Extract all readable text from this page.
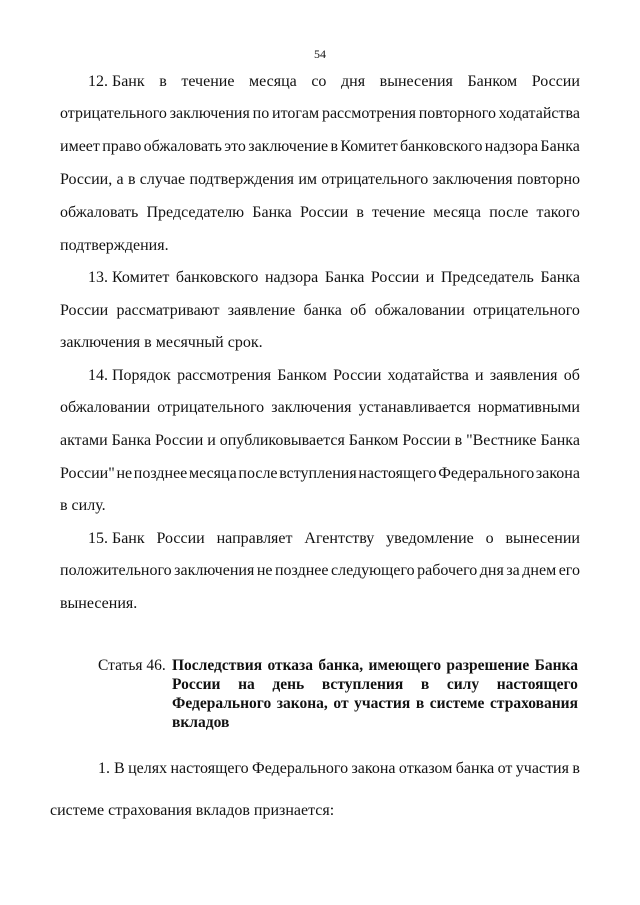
54
12. Банк в течение месяца со дня вынесения Банком России
отрицательного заключения по итогам рассмотрения повторного ходатайства
имеет право обжаловать это заключение в Комитет банковского надзора Банка
России, а в случае подтверждения им отрицательного заключения повторно
обжаловать Председателю Банка России в течение месяца после такого
подтверждения.
13. Комитет банковского надзора Банка России и Председатель Банка
России рассматривают заявление банка об обжаловании отрицательного
заключения в месячный срок.
14. Порядок рассмотрения Банком России ходатайства и заявления об
обжаловании отрицательного заключения устанавливается нормативными
актами Банка России и опубликовывается Банком России в "Вестнике Банка
России" не позднее месяца после вступления настоящего Федерального закона
в силу.
15. Банк России направляет Агентству уведомление о вынесении
положительного заключения не позднее следующего рабочего дня за днем его
вынесения.
Статья 46. Последствия отказа банка, имеющего разрешение Банка
России на день вступления в силу настоящего
Федерального закона, от участия в системе страхования
вкладов
1. В целях настоящего Федерального закона отказом банка от участия в
системе страхования вкладов признается:
